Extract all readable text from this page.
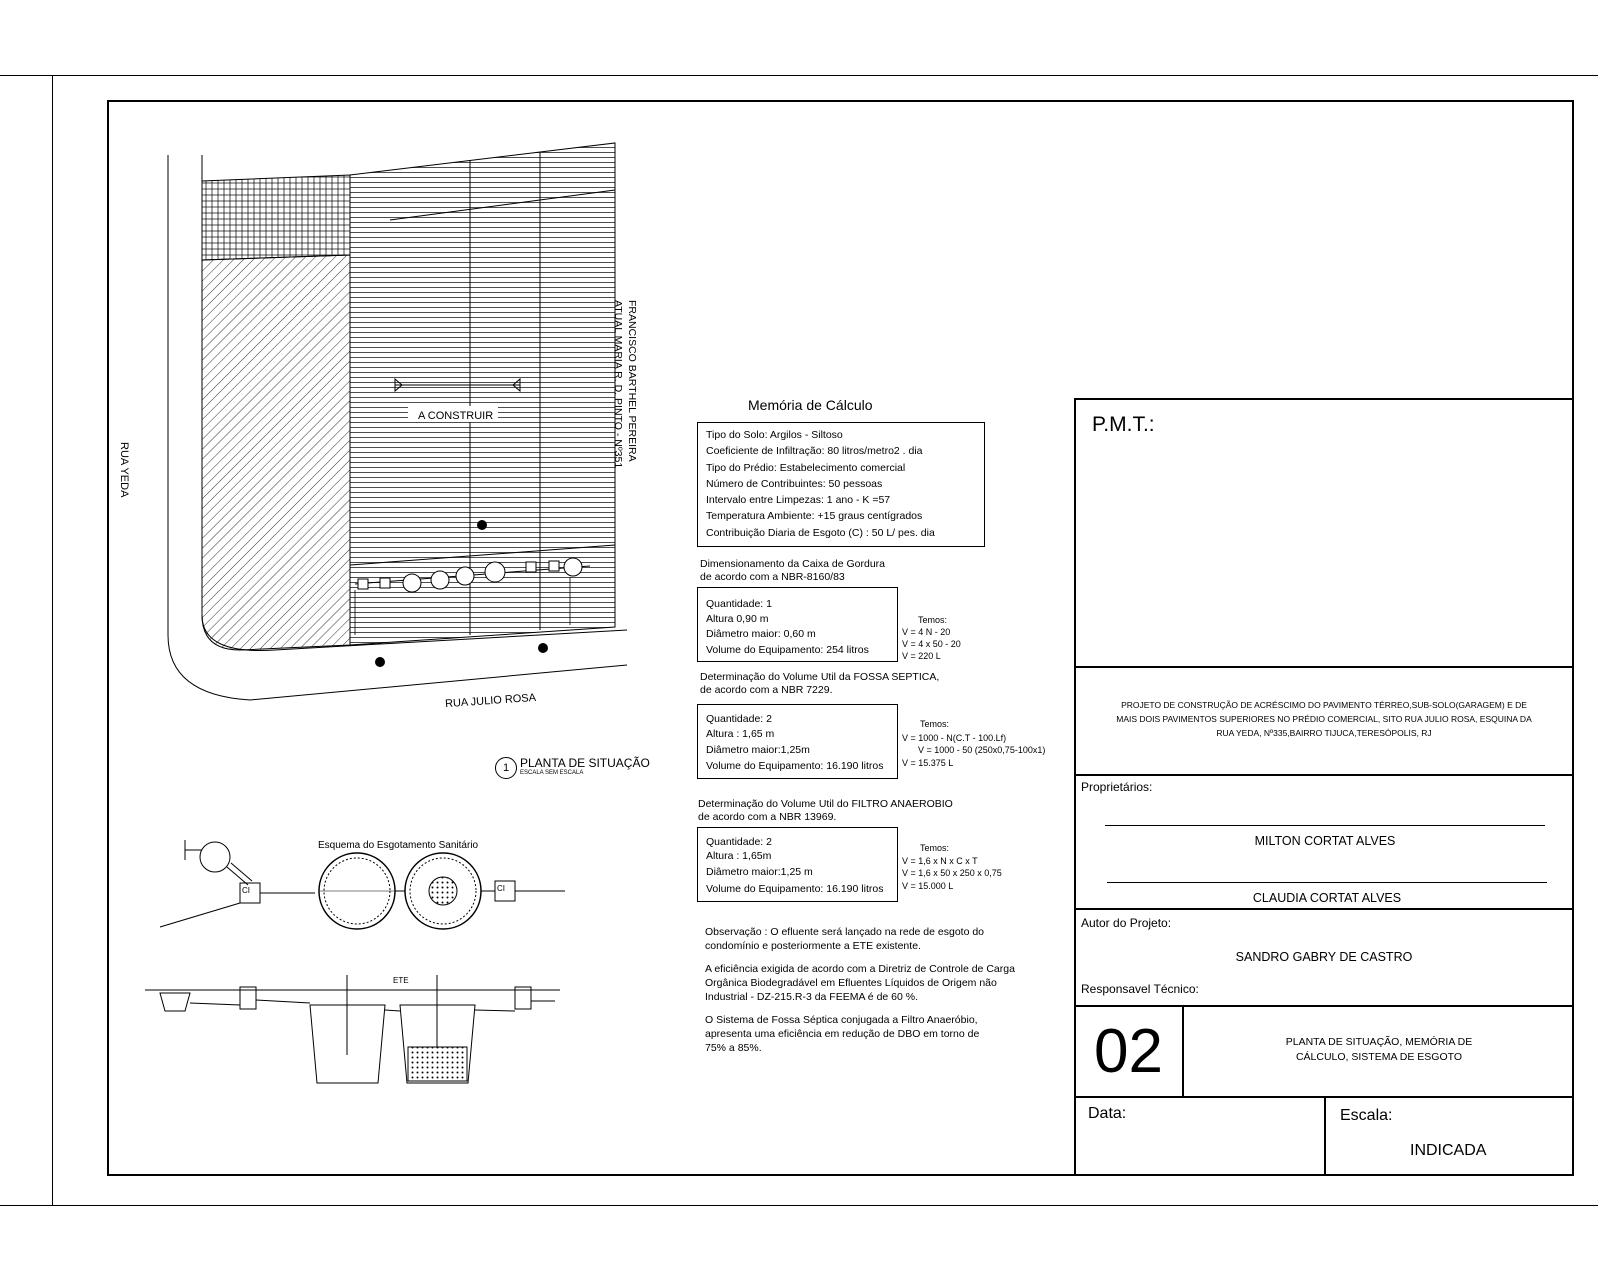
RUA YEDA
RUA JULIO ROSA
FRANCISCO BARTHEL PEREIRA
ATUAL MARIA R. D. PINTO - Nº351
A CONSTRUIR
1 PLANTA DE SITUAÇÃO
ESCALA SEM ESCALA
Esquema do Esgotamento Sanitário
CI	CI
ETE
Memória de Cálculo
Tipo do Solo: Argilos - Siltoso
Coeficiente de Infiltração: 80 litros/metro2 . dia
Tipo do Prédio: Estabelecimento comercial
Número de Contribuintes: 50 pessoas
Intervalo entre Limpezas: 1 ano - K =57
Temperatura Ambiente: +15 graus centígrados
Contribuição Diaria de Esgoto (C) : 50 L/ pes. dia
Dimensionamento da Caixa de Gordura
de acordo com a NBR-8160/83
Quantidade: 1
Altura 0,90 m
Diâmetro maior: 0,60 m
Volume do Equipamento: 254 litros
Temos:
V = 4 N - 20
V = 4 x 50 - 20
V = 220 L
Determinação do Volume Util da FOSSA SEPTICA,
de acordo com a NBR 7229.
Quantidade: 2
Altura : 1,65 m
Diâmetro maior:1,25m
Volume do Equipamento: 16.190 litros
Temos:
V = 1000 - N(C.T - 100.Lf)
V = 1000 - 50 (250x0,75-100x1)
V = 15.375 L
Determinação do Volume Util do FILTRO ANAEROBIO
de acordo com a NBR 13969.
Quantidade: 2
Altura : 1,65m
Diâmetro maior:1,25 m
Volume do Equipamento: 16.190 litros
Temos:
V = 1,6 x N x C x T
V = 1,6 x 50 x 250 x 0,75
V = 15.000 L
Observação : O efluente será lançado na rede de esgoto do
condomínio e posteriormente a ETE existente.
A eficiência exigida de acordo com a Diretriz de Controle de Carga
Orgânica Biodegradável em Efluentes Líquidos de Origem não
Industrial - DZ-215.R-3 da FEEMA é de 60 %.
O Sistema de Fossa Séptica conjugada a Filtro Anaeróbio,
apresenta uma eficiência em redução de DBO em torno de
75% a 85%.
P.M.T.:
PROJETO DE CONSTRUÇÃO DE ACRÉSCIMO DO PAVIMENTO TÉRREO,SUB-SOLO(GARAGEM) E DE
MAIS DOIS PAVIMENTOS SUPERIORES NO PRÉDIO COMERCIAL, SITO RUA JULIO ROSA, ESQUINA DA
RUA YEDA, Nº335,BAIRRO TIJUCA,TERESÓPOLIS, RJ
Proprietários:
MILTON CORTAT ALVES
CLAUDIA CORTAT ALVES
Autor do Projeto:
SANDRO GABRY DE CASTRO
Responsavel Técnico:
02	PLANTA DE SITUAÇÃO, MEMÓRIA DE
CÁLCULO, SISTEMA DE ESGOTO
Data:	Escala:
INDICADA
